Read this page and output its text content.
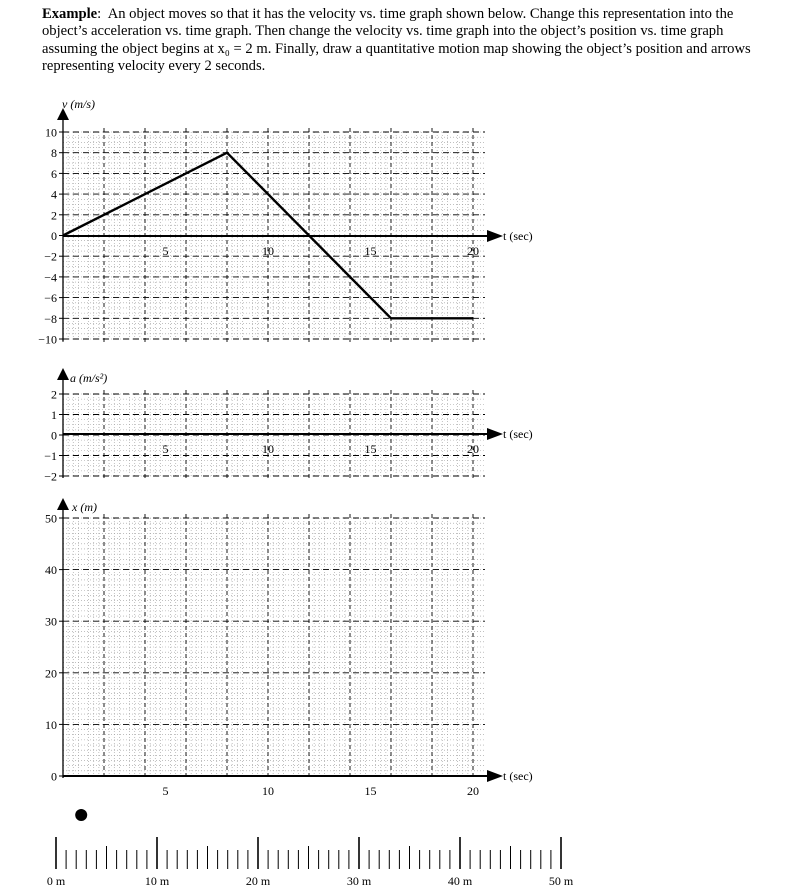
Example:  An object moves so that it has the velocity vs. time graph shown below. Change this representation into the object’s acceleration vs. time graph. Then change the velocity vs. time graph into the object’s position vs. time graph assuming the object begins at x₀ = 2 m. Finally, draw a quantitative motion map showing the object’s position and arrows representing velocity every 2 seconds.
10
8
6
4
2
0
−2
−4
−6
−8
−10
v (m/s)
t (sec)
5	10	15	20
2
1
0
−1
−2
a (m/s²)
t (sec)
5	10	15	20
50
40
30
20
10
0
x (m)
t (sec)
5	10	15	20
0 m	10 m	20 m	30 m	40 m	50 m
